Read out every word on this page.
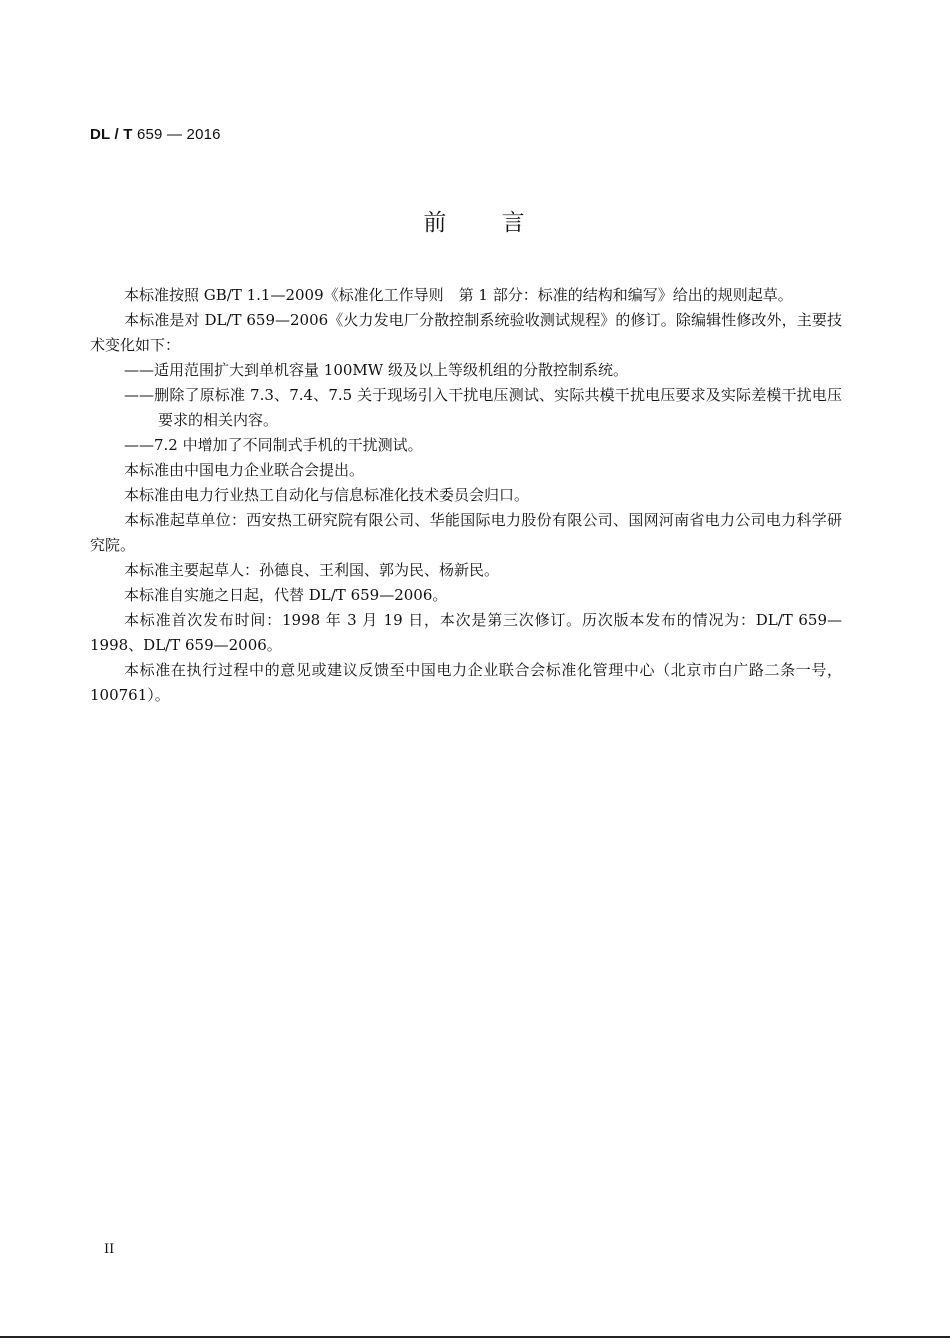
DL / T 659 — 2016
前 言

本标准按照 GB/T 1.1—2009《标准化工作导则　第 1 部分：标准的结构和编写》给出的规则起草。

本标准是对 DL/T 659—2006《火力发电厂分散控制系统验收测试规程》的修订。除编辑性修改外，主要技术变化如下：

——适用范围扩大到单机容量 100MW 级及以上等级机组的分散控制系统。

——删除了原标准 7.3、7.4、7.5 关于现场引入干扰电压测试、实际共模干扰电压要求及实际差模干扰电压要求的相关内容。

——7.2 中增加了不同制式手机的干扰测试。

本标准由中国电力企业联合会提出。

本标准由电力行业热工自动化与信息标准化技术委员会归口。

本标准起草单位：西安热工研究院有限公司、华能国际电力股份有限公司、国网河南省电力公司电力科学研究院。

本标准主要起草人：孙德良、王利国、郭为民、杨新民。

本标准自实施之日起，代替 DL/T 659—2006。

本标准首次发布时间：1998 年 3 月 19 日，本次是第三次修订。历次版本发布的情况为：DL/T 659—1998、DL/T 659—2006。

本标准在执行过程中的意见或建议反馈至中国电力企业联合会标准化管理中心（北京市白广路二条一号，100761）。

II
